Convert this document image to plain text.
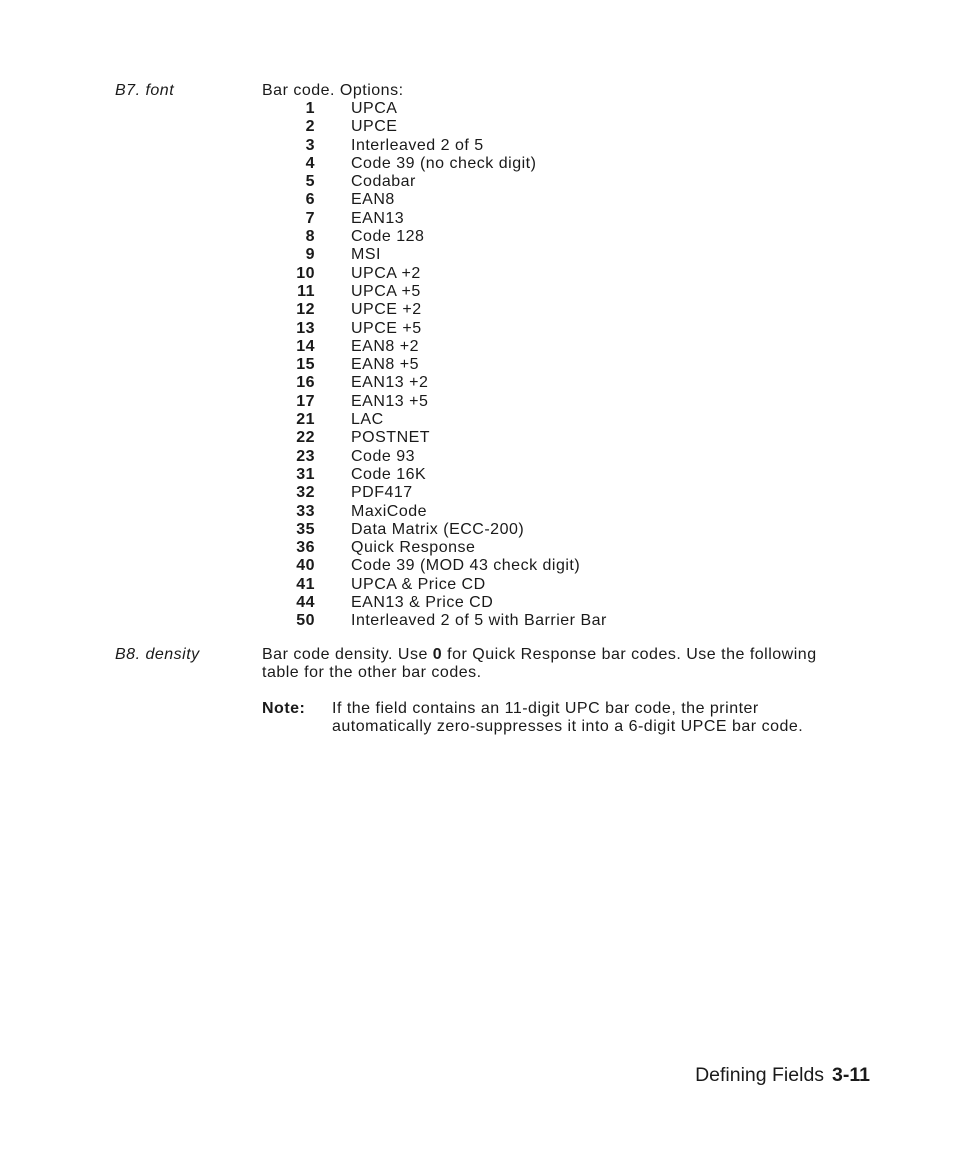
B7. font	Bar code. Options:
1 UPCA
2 UPCE
3 Interleaved 2 of 5
4 Code 39 (no check digit)
5 Codabar
6 EAN8
7 EAN13
8 Code 128
9 MSI
10 UPCA +2
11 UPCA +5
12 UPCE +2
13 UPCE +5
14 EAN8 +2
15 EAN8 +5
16 EAN13 +2
17 EAN13 +5
21 LAC
22 POSTNET
23 Code 93
31 Code 16K
32 PDF417
33 MaxiCode
35 Data Matrix (ECC-200)
36 Quick Response
40 Code 39 (MOD 43 check digit)
41 UPCA & Price CD
44 EAN13 & Price CD
50 Interleaved 2 of 5 with Barrier Bar
B8. density	Bar code density. Use 0 for Quick Response bar codes. Use the following
table for the other bar codes.
Note:	If the field contains an 11-digit UPC bar code, the printer automatically zero-suppresses it into a 6-digit UPCE bar code.
Defining Fields 3-11
